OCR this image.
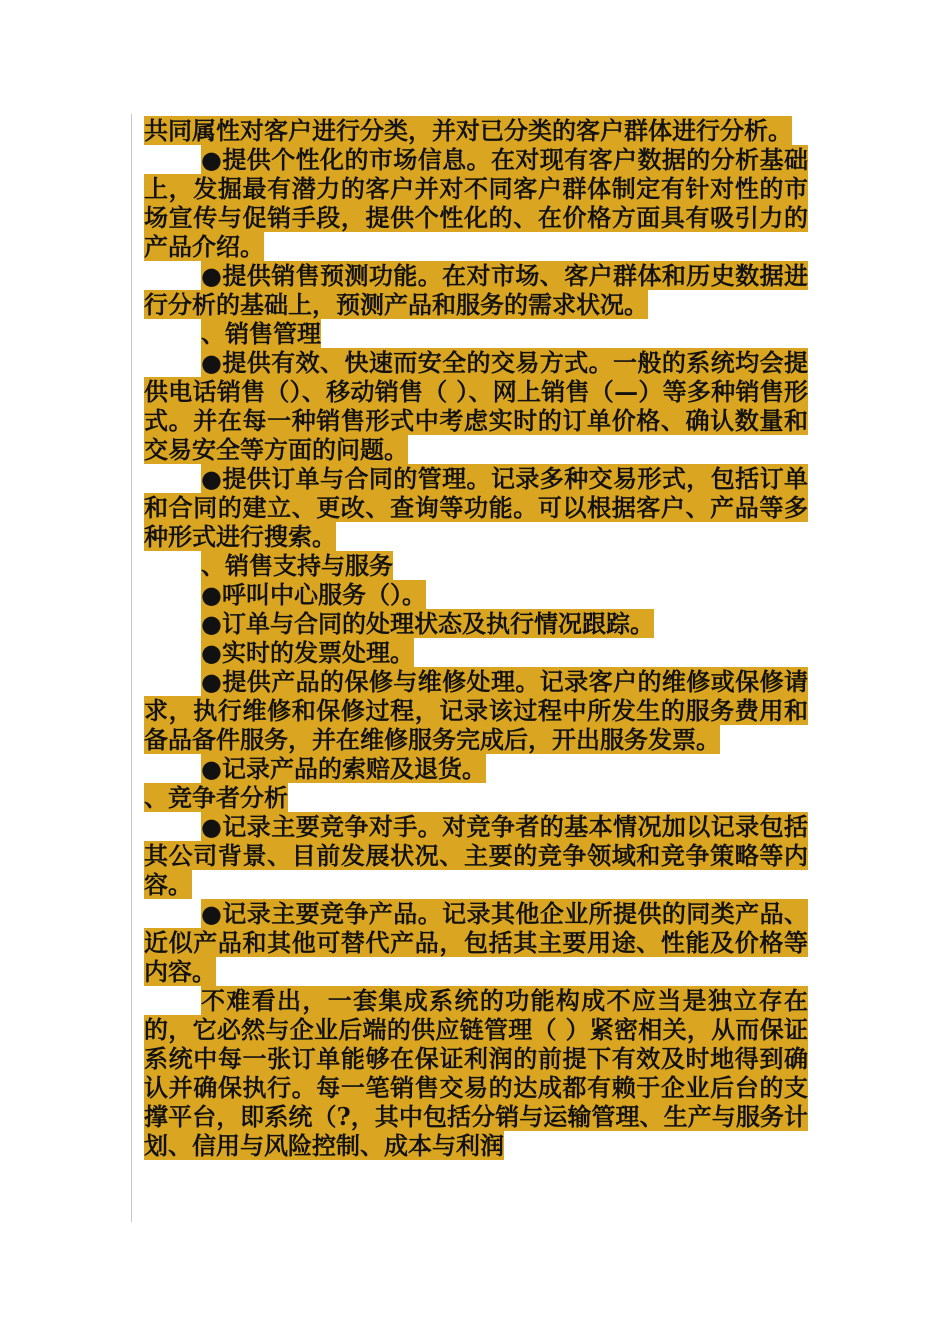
共同属性对客户进行分类，并对已分类的客户群体进行分析。

●提供个性化的市场信息。在对现有客户数据的分析基础上，发掘最有潜力的客户并对不同客户群体制定有针对性的市场宣传与促销手段，提供个性化的、在价格方面具有吸引力的产品介绍。

●提供销售预测功能。在对市场、客户群体和历史数据进行分析的基础上，预测产品和服务的需求状况。

、销售管理

●提供有效、快速而安全的交易方式。一般的系统均会提供电话销售（）、移动销售（ ）、网上销售（—）等多种销售形式。并在每一种销售形式中考虑实时的订单价格、确认数量和交易安全等方面的问题。

●提供订单与合同的管理。记录多种交易形式，包括订单和合同的建立、更改、查询等功能。可以根据客户、产品等多种形式进行搜索。

、销售支持与服务

●呼叫中心服务（）。

●订单与合同的处理状态及执行情况跟踪。

●实时的发票处理。

●提供产品的保修与维修处理。记录客户的维修或保修请求，执行维修和保修过程，记录该过程中所发生的服务费用和备品备件服务，并在维修服务完成后，开出服务发票。

●记录产品的索赔及退货。

、竞争者分析

●记录主要竞争对手。对竞争者的基本情况加以记录包括其公司背景、目前发展状况、主要的竞争领域和竞争策略等内容。

●记录主要竞争产品。记录其他企业所提供的同类产品、近似产品和其他可替代产品，包括其主要用途、性能及价格等内容。

不难看出，一套集成系统的功能构成不应当是独立存在的，它必然与企业后端的供应链管理（ ）紧密相关，从而保证系统中每一张订单能够在保证利润的前提下有效及时地得到确认并确保执行。每一笔销售交易的达成都有赖于企业后台的支撑平台，即系统（?，其中包括分销与运输管理、生产与服务计划、信用与风险控制、成本与利润
